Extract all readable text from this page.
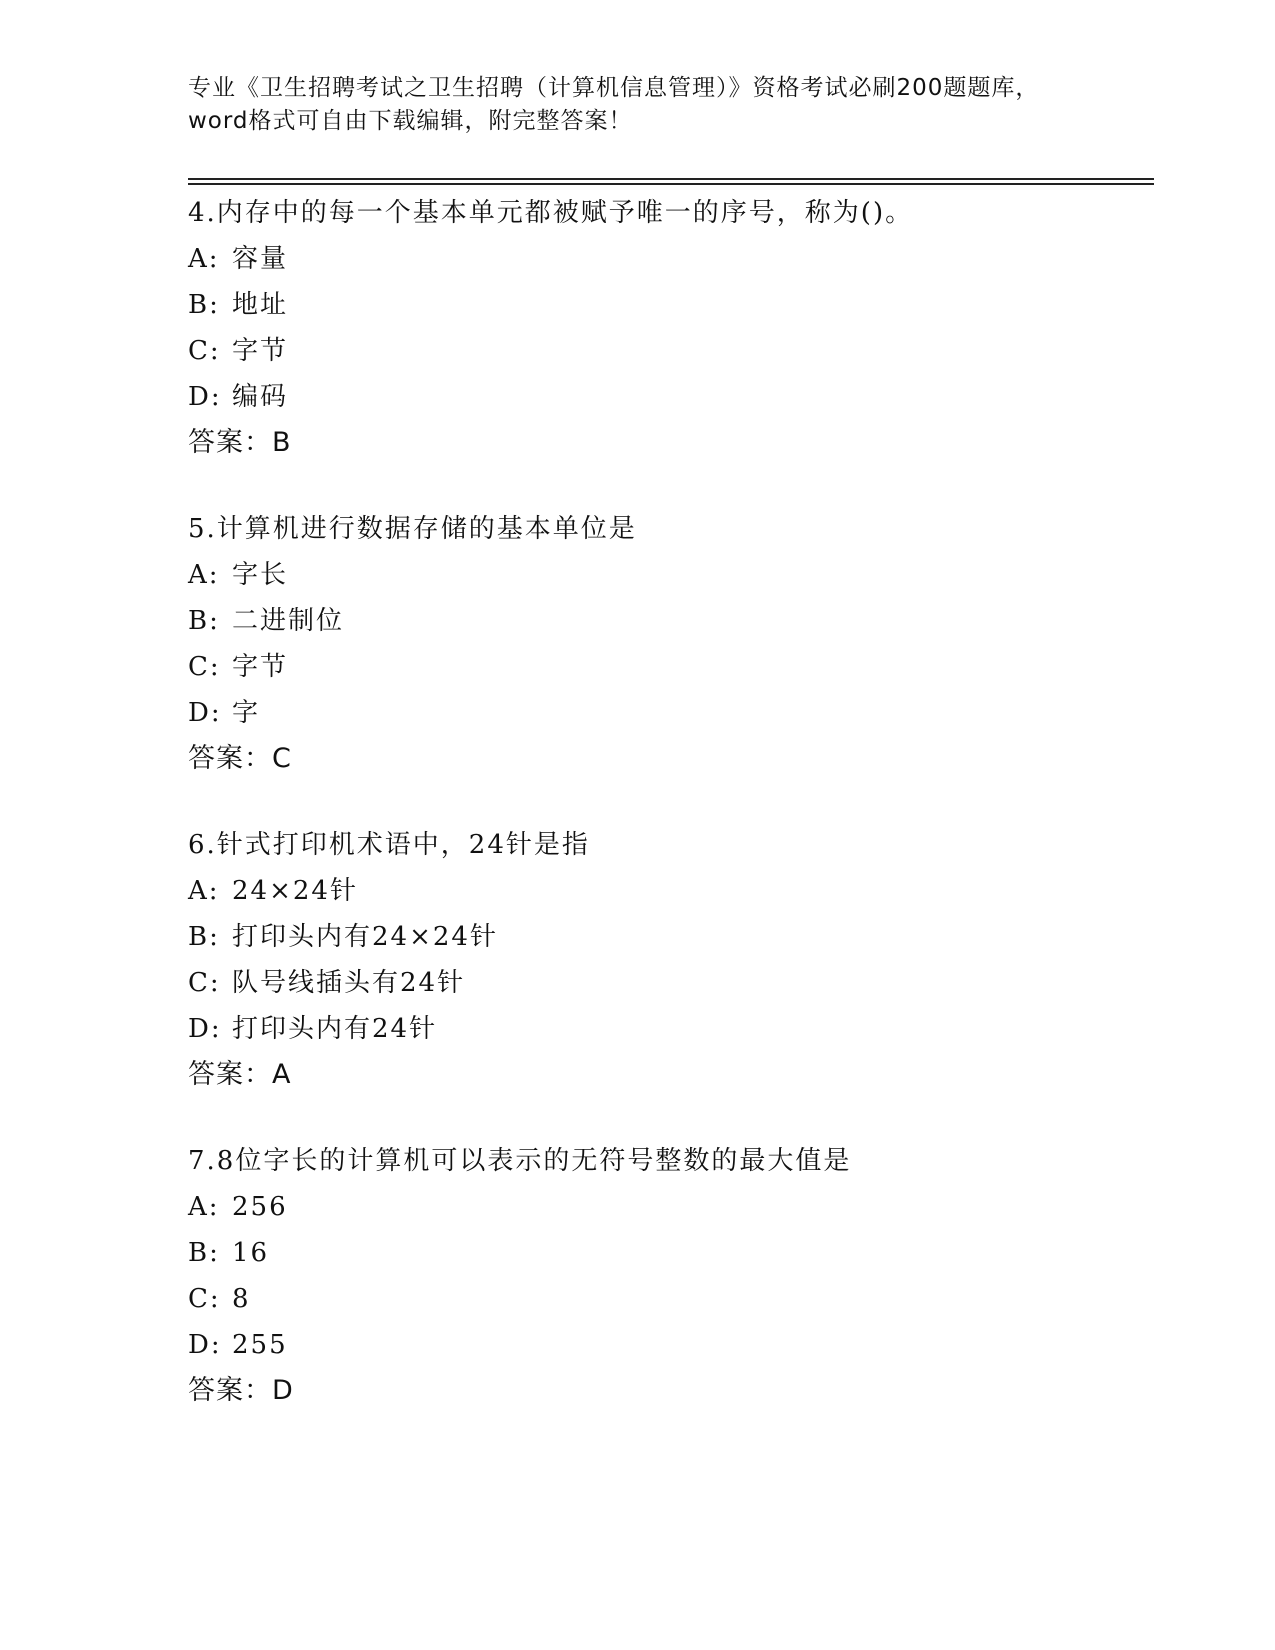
专业《卫生招聘考试之卫生招聘（计算机信息管理）》资格考试必刷200题题库，
word格式可自由下载编辑，附完整答案！
4.内存中的每一个基本单元都被赋予唯一的序号，称为()。
A: 容量
B: 地址
C: 字节
D: 编码
答案：B
5.计算机进行数据存储的基本单位是
A: 字长
B: 二进制位
C: 字节
D: 字
答案：C
6.针式打印机术语中，24针是指
A: 24×24针
B: 打印头内有24×24针
C: 队号线插头有24针
D: 打印头内有24针
答案：A
7.8位字长的计算机可以表示的无符号整数的最大值是
A: 256
B: 16
C: 8
D: 255
答案：D
